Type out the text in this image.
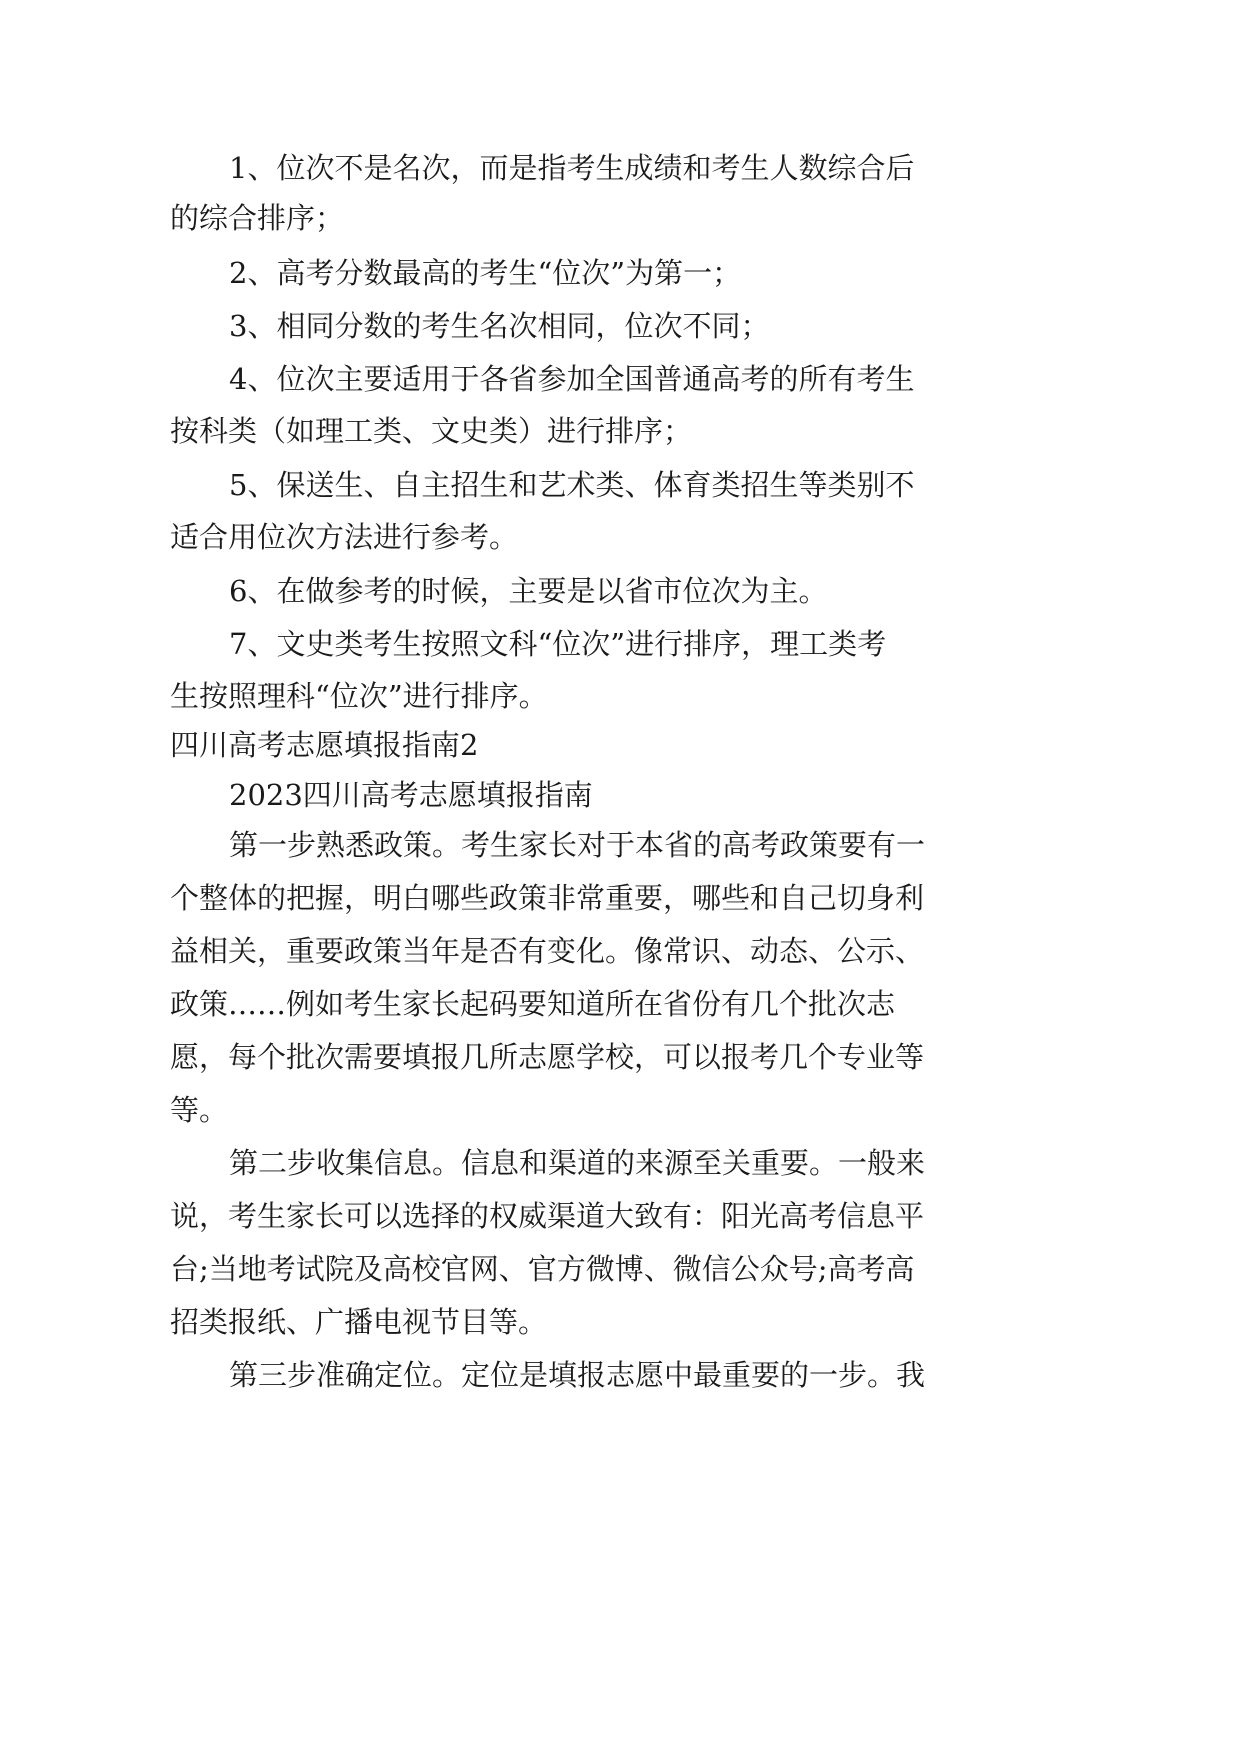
1、位次不是名次，而是指考生成绩和考生人数综合后

的综合排序；

2、高考分数最高的考生“位次”为第一；

3、相同分数的考生名次相同，位次不同；

4、位次主要适用于各省参加全国普通高考的所有考生

按科类（如理工类、文史类）进行排序；

5、保送生、自主招生和艺术类、体育类招生等类别不

适合用位次方法进行参考。

6、在做参考的时候，主要是以省市位次为主。

7、文史类考生按照文科“位次”进行排序，理工类考

生按照理科“位次”进行排序。

四川高考志愿填报指南2

2023四川高考志愿填报指南

第一步熟悉政策。考生家长对于本省的高考政策要有一

个整体的把握，明白哪些政策非常重要，哪些和自己切身利

益相关，重要政策当年是否有变化。像常识、动态、公示、

政策……例如考生家长起码要知道所在省份有几个批次志

愿，每个批次需要填报几所志愿学校，可以报考几个专业等

等。

第二步收集信息。信息和渠道的来源至关重要。一般来

说，考生家长可以选择的权威渠道大致有：阳光高考信息平

台;当地考试院及高校官网、官方微博、微信公众号;高考高

招类报纸、广播电视节目等。

第三步准确定位。定位是填报志愿中最重要的一步。我
